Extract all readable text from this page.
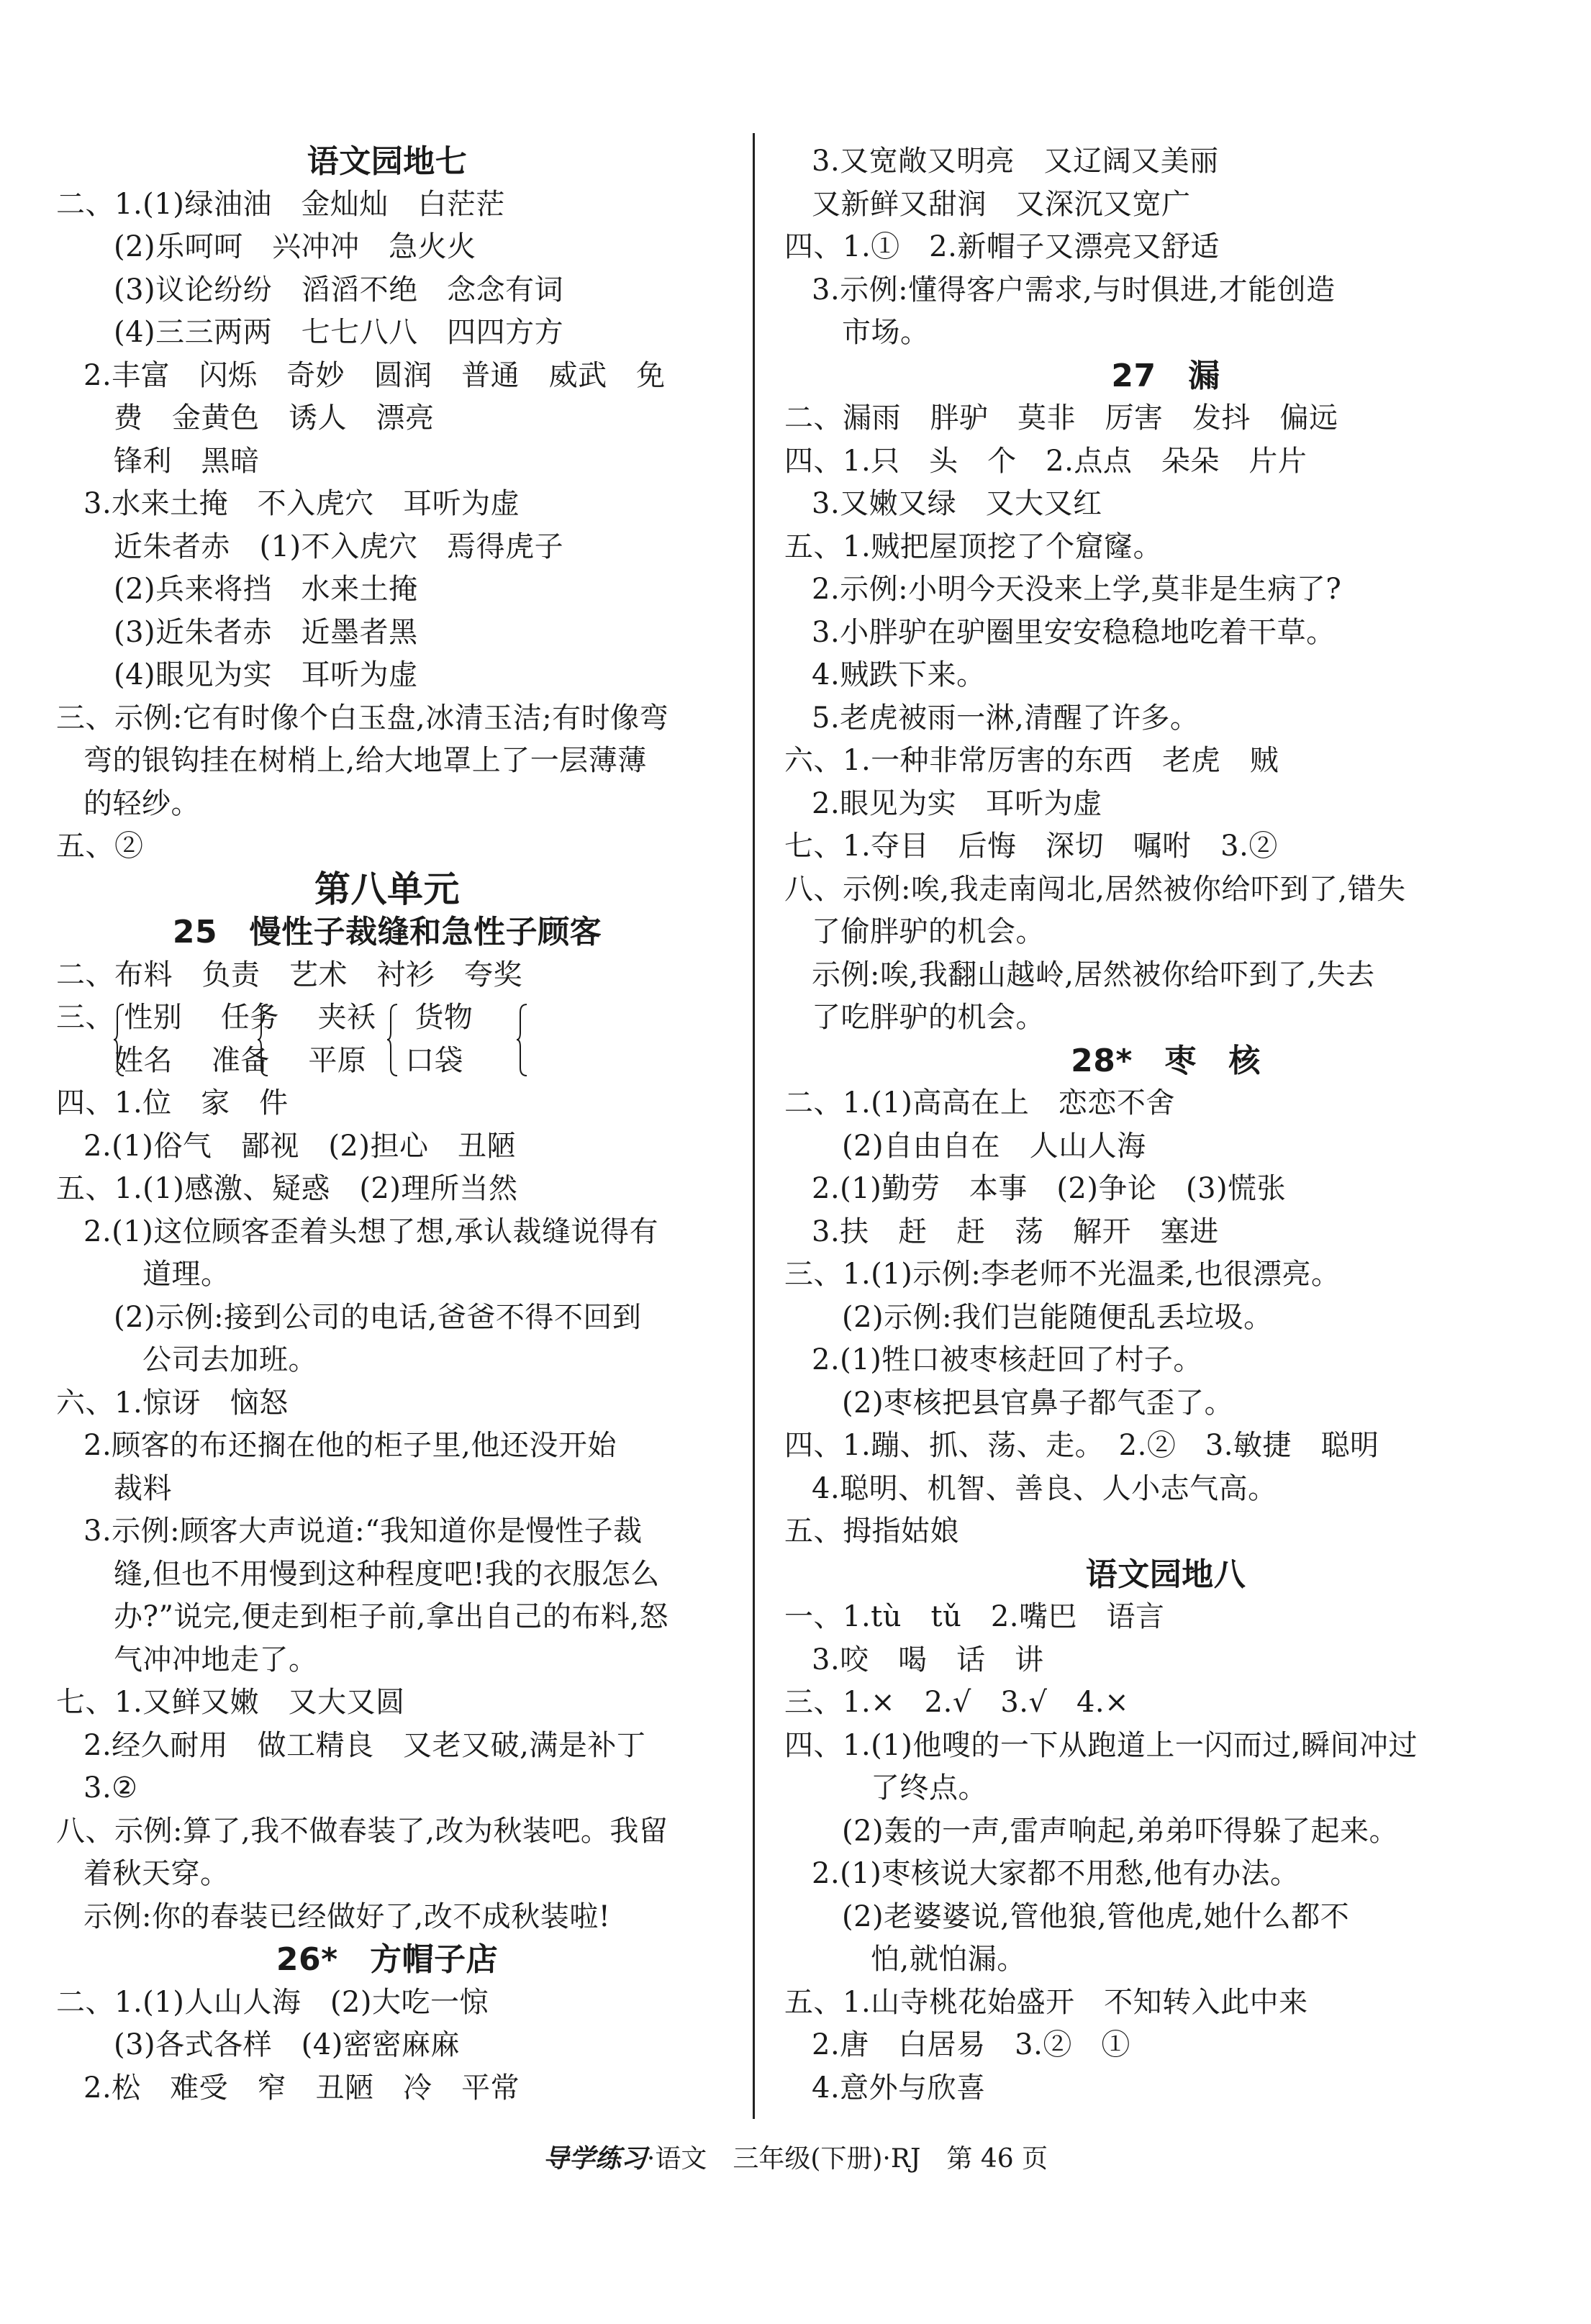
语文园地七
二、1.(1)绿油油　金灿灿　白茫茫
(2)乐呵呵　兴冲冲　急火火
(3)议论纷纷　滔滔不绝　念念有词
(4)三三两两　七七八八　四四方方
2.丰富　闪烁　奇妙　圆润　普通　威武　免
费　金黄色　诱人　漂亮
锋利　黑暗
3.水来土掩　不入虎穴　耳听为虚
近朱者赤　(1)不入虎穴　焉得虎子
(2)兵来将挡　水来土掩
(3)近朱者赤　近墨者黑
(4)眼见为实　耳听为虚
三、示例:它有时像个白玉盘,冰清玉洁;有时像弯
弯的银钩挂在树梢上,给大地罩上了一层薄薄
的轻纱。
五、②
第八单元
25　慢性子裁缝和急性子顾客
二、布料　负责　艺术　衬衫　夸奖
三、 性别　 任务　 夹袄　 货物
　　姓名　 准备　 平原　 口袋
四、1.位　家　件
2.(1)俗气　鄙视　(2)担心　丑陋
五、1.(1)感激、疑惑　(2)理所当然
2.(1)这位顾客歪着头想了想,承认裁缝说得有
道理。
(2)示例:接到公司的电话,爸爸不得不回到
公司去加班。
六、1.惊讶　恼怒
2.顾客的布还搁在他的柜子里,他还没开始
裁料
3.示例:顾客大声说道:“我知道你是慢性子裁
缝,但也不用慢到这种程度吧!我的衣服怎么
办?”说完,便走到柜子前,拿出自己的布料,怒
气冲冲地走了。
七、1.又鲜又嫩　又大又圆
2.经久耐用　做工精良　又老又破,满是补丁
3.②
八、示例:算了,我不做春装了,改为秋装吧。我留
着秋天穿。
示例:你的春装已经做好了,改不成秋装啦!
26*　方帽子店
二、1.(1)人山人海　(2)大吃一惊
(3)各式各样　(4)密密麻麻
2.松　难受　窄　丑陋　冷　平常
3.又宽敞又明亮　又辽阔又美丽
又新鲜又甜润　又深沉又宽广
四、1.①　2.新帽子又漂亮又舒适
3.示例:懂得客户需求,与时俱进,才能创造
市场。
27　漏
二、漏雨　胖驴　莫非　厉害　发抖　偏远
四、1.只　头　个　2.点点　朵朵　片片
3.又嫩又绿　又大又红
五、1.贼把屋顶挖了个窟窿。
2.示例:小明今天没来上学,莫非是生病了?
3.小胖驴在驴圈里安安稳稳地吃着干草。
4.贼跌下来。
5.老虎被雨一淋,清醒了许多。
六、1.一种非常厉害的东西　老虎　贼
2.眼见为实　耳听为虚
七、1.夺目　后悔　深切　嘱咐　3.②
八、示例:唉,我走南闯北,居然被你给吓到了,错失
了偷胖驴的机会。
示例:唉,我翻山越岭,居然被你给吓到了,失去
了吃胖驴的机会。
28*　枣　核
二、1.(1)高高在上　恋恋不舍
(2)自由自在　人山人海
2.(1)勤劳　本事　(2)争论　(3)慌张
3.扶　赶　赶　荡　解开　塞进
三、1.(1)示例:李老师不光温柔,也很漂亮。
(2)示例:我们岂能随便乱丢垃圾。
2.(1)牲口被枣核赶回了村子。
(2)枣核把县官鼻子都气歪了。
四、1.蹦、抓、荡、走。　2.②　3.敏捷　聪明
4.聪明、机智、善良、人小志气高。
五、拇指姑娘
语文园地八
一、1.tù　tǔ　2.嘴巴　语言
3.咬　喝　话　讲
三、1.×　2.√　3.√　4.×
四、1.(1)他嗖的一下从跑道上一闪而过,瞬间冲过
了终点。
(2)轰的一声,雷声响起,弟弟吓得躲了起来。
2.(1)枣核说大家都不用愁,他有办法。
(2)老婆婆说,管他狼,管他虎,她什么都不
怕,就怕漏。
五、1.山寺桃花始盛开　不知转入此中来
2.唐　白居易　3.②　①
4.意外与欣喜
导学练习·语文　三年级(下册)·RJ　第 46 页
